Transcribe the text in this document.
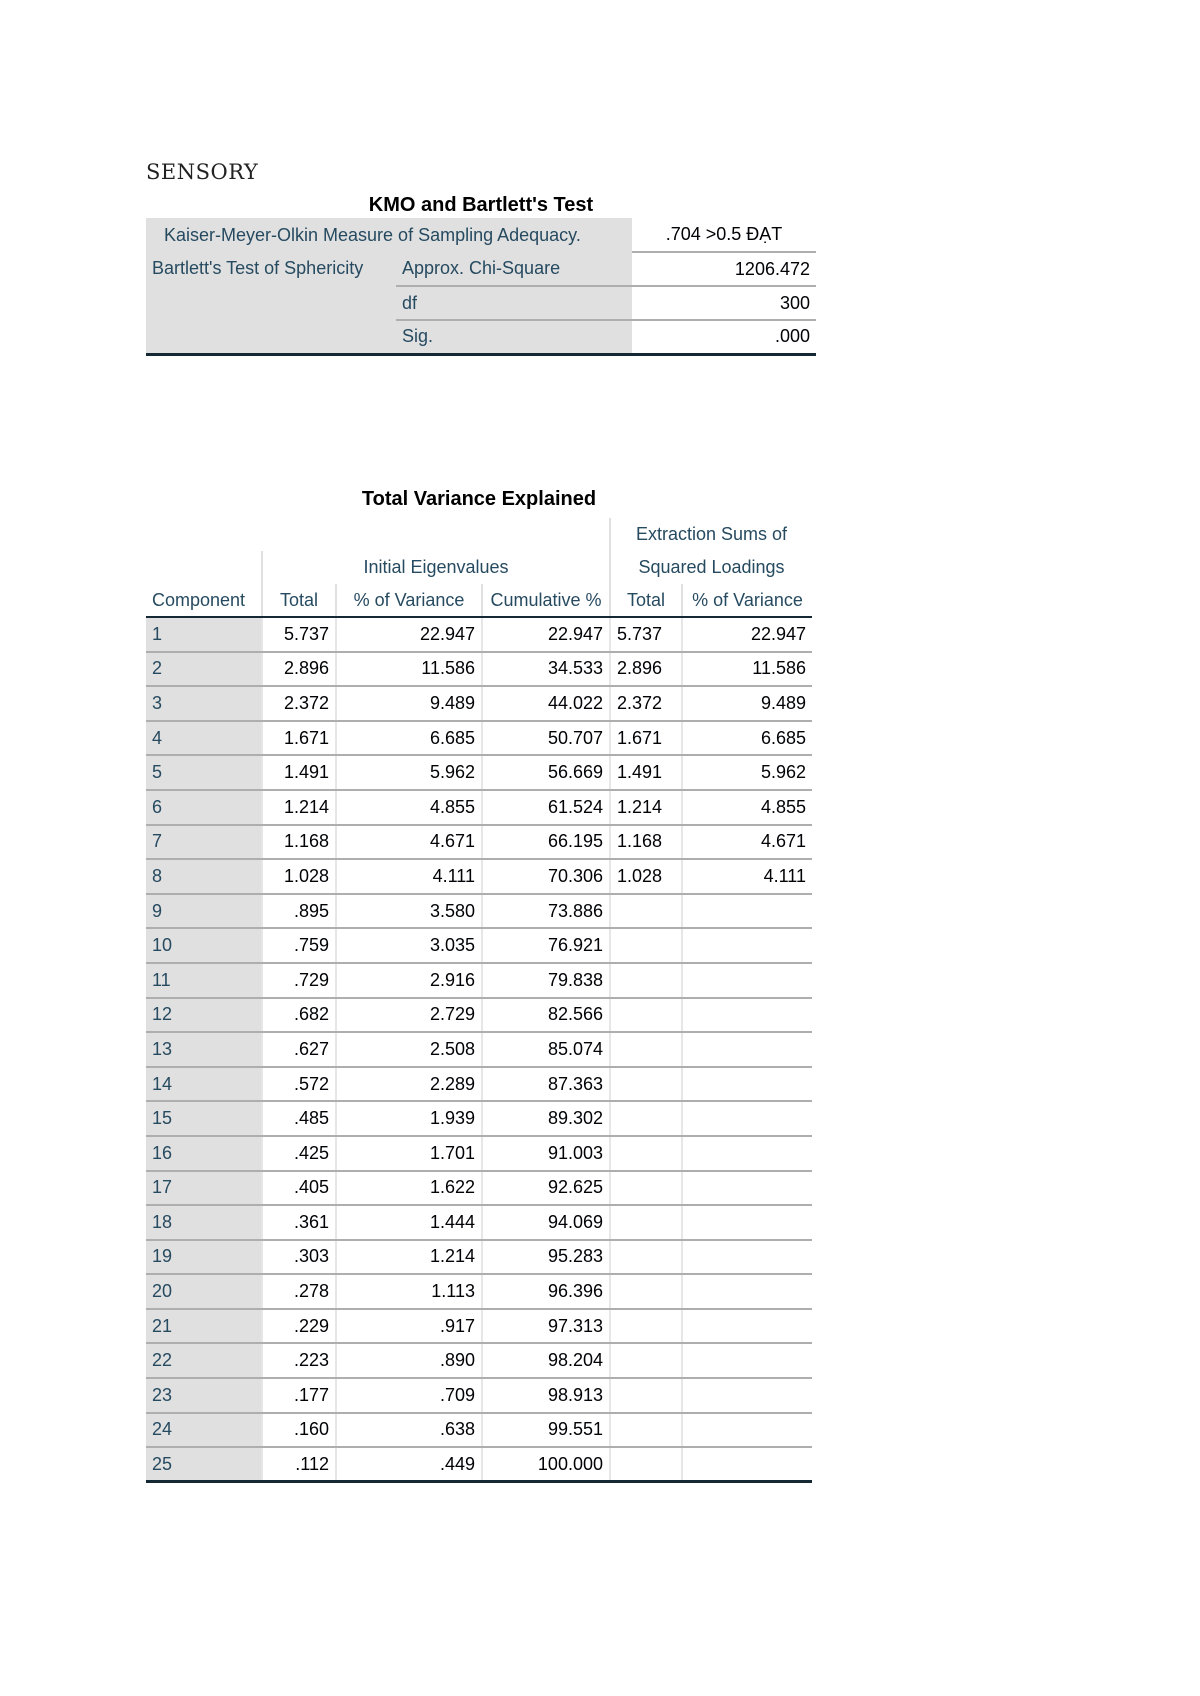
SENSORY
KMO and Bartlett's Test
Kaiser-Meyer-Olkin Measure of Sampling Adequacy.		.704 >0.5 ĐẠT
Bartlett's Test of Sphericity	Approx. Chi-Square	1206.472
	df	300
	Sig.	.000
Total Variance Explained
				Extraction Sums of	
	Initial Eigenvalues			Squared Loadings	
Component	Total	% of Variance	Cumulative %	Total	% of Variance
1	5.737	22.947	22.947	5.737	22.947
2	2.896	11.586	34.533	2.896	11.586
3	2.372	9.489	44.022	2.372	9.489
4	1.671	6.685	50.707	1.671	6.685
5	1.491	5.962	56.669	1.491	5.962
6	1.214	4.855	61.524	1.214	4.855
7	1.168	4.671	66.195	1.168	4.671
8	1.028	4.111	70.306	1.028	4.111
9	.895	3.580	73.886		
10	.759	3.035	76.921		
11	.729	2.916	79.838		
12	.682	2.729	82.566		
13	.627	2.508	85.074		
14	.572	2.289	87.363		
15	.485	1.939	89.302		
16	.425	1.701	91.003		
17	.405	1.622	92.625		
18	.361	1.444	94.069		
19	.303	1.214	95.283		
20	.278	1.113	96.396		
21	.229	.917	97.313		
22	.223	.890	98.204		
23	.177	.709	98.913		
24	.160	.638	99.551		
25	.112	.449	100.000		
